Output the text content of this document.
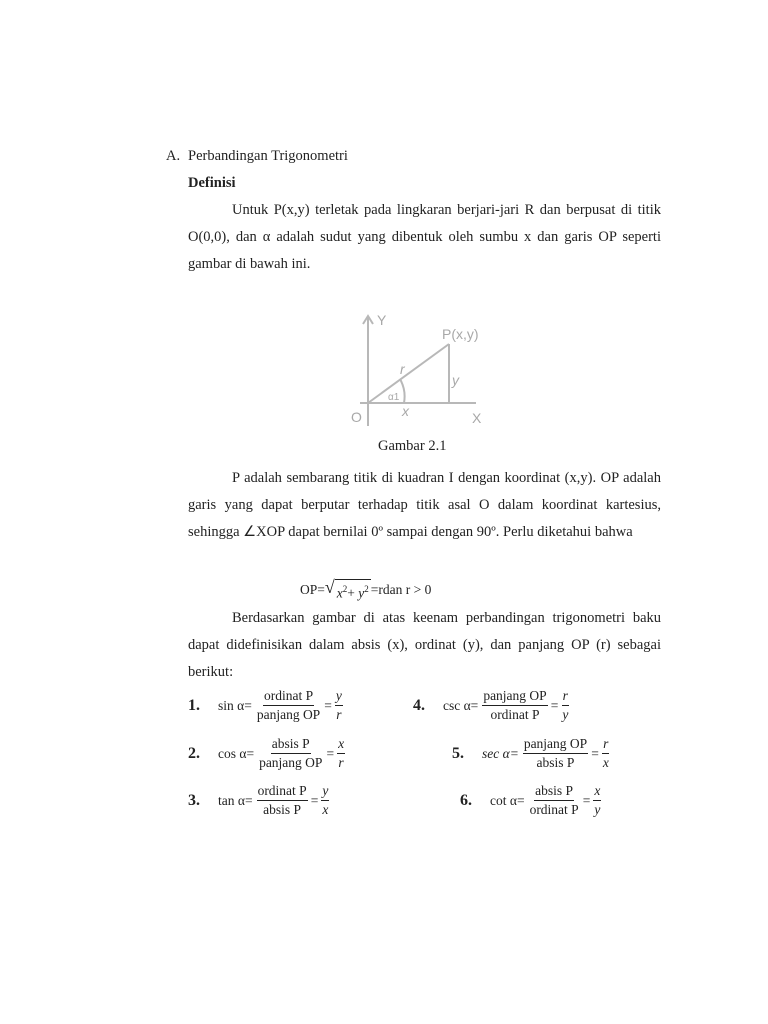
A. Perbandingan Trigonometri
Definisi
Untuk P(x,y) terletak pada lingkaran berjari-jari R dan berpusat di titik O(0,0), dan α adalah sudut yang dibentuk oleh sumbu x dan garis OP seperti gambar di bawah ini.
Y
P(x,y)
r
y
α1
O	x	X
Gambar 2.1
P adalah sembarang titik di kuadran I dengan koordinat (x,y). OP adalah garis yang dapat berputar terhadap titik asal O dalam koordinat kartesius, sehingga ∠XOP dapat bernilai 0º sampai dengan 90º. Perlu diketahui bahwa
OP= √ $x^2+ y^2 =r$ dan r > 0
Berdasarkan gambar di atas keenam perbandingan trigonometri baku dapat didefinisikan dalam absis (x), ordinat (y), dan panjang OP (r) sebagai berikut:
1.	$\sin \alpha= \frac{\text{ordinat P}}{\text{panjang OP}} = \frac{y}{r}$
2.	$\cos \alpha= \frac{\text{absis P}}{\text{panjang OP}} = \frac{x}{r}$
3.	$\tan \alpha= \frac{\text{ordinat P}}{\text{absis P}} = \frac{y}{x}$
4.	$\csc \alpha= \frac{\text{panjang OP}}{\text{ordinat P}} = \frac{r}{y}$
5.	$\sec \alpha= \frac{\text{panjang OP}}{\text{absis P}} = \frac{r}{x}$
6.	$\cot \alpha= \frac{\text{absis P}}{\text{ordinat P}} = \frac{x}{y}$
